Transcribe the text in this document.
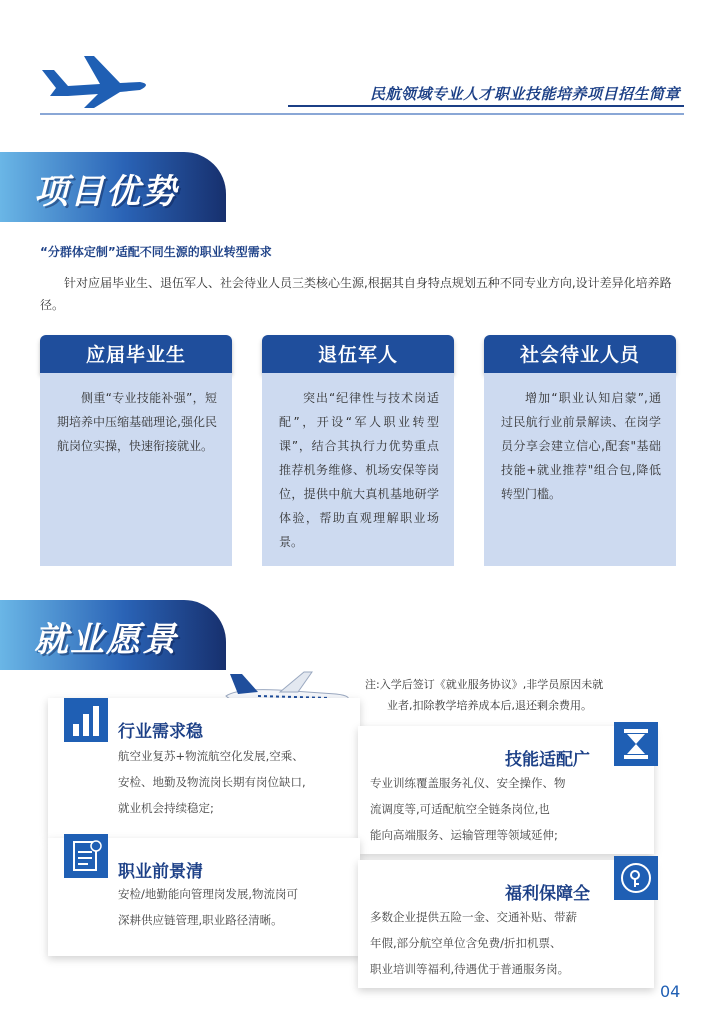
民航领域专业人才职业技能培养项目招生简章
项目优势
“分群体定制”适配不同生源的职业转型需求
针对应届毕业生、退伍军人、社会待业人员三类核心生源,根据其自身特点规划五种不同专业方向,设计差异化培养路径。
应届毕业生
侧重“专业技能补强”，短期培养中压缩基础理论,强化民航岗位实操，快速衔接就业。
退伍军人
突出“纪律性与技术岗适配”，开设“军人职业转型课”，结合其执行力优势重点推荐机务维修、机场安保等岗位，提供中航大真机基地研学体验，帮助直观理解职业场景。
社会待业人员
增加“职业认知启蒙”,通过民航行业前景解读、在岗学员分享会建立信心,配套"基础技能+就业推荐"组合包,降低转型门槛。
就业愿景
注:入学后签订《就业服务协议》,非学员原因未就
业者,扣除教学培养成本后,退还剩余费用。
行业需求稳
航空业复苏+物流航空化发展,空乘、
安检、地勤及物流岗长期有岗位缺口,
就业机会持续稳定;
技能适配广
专业训练覆盖服务礼仪、安全操作、物
流调度等,可适配航空全链条岗位,也
能向高端服务、运输管理等领域延伸;
职业前景清
安检/地勤能向管理岗发展,物流岗可
深耕供应链管理,职业路径清晰。
福利保障全
多数企业提供五险一金、交通补贴、带薪
年假,部分航空单位含免费/折扣机票、
职业培训等福利,待遇优于普通服务岗。
04
